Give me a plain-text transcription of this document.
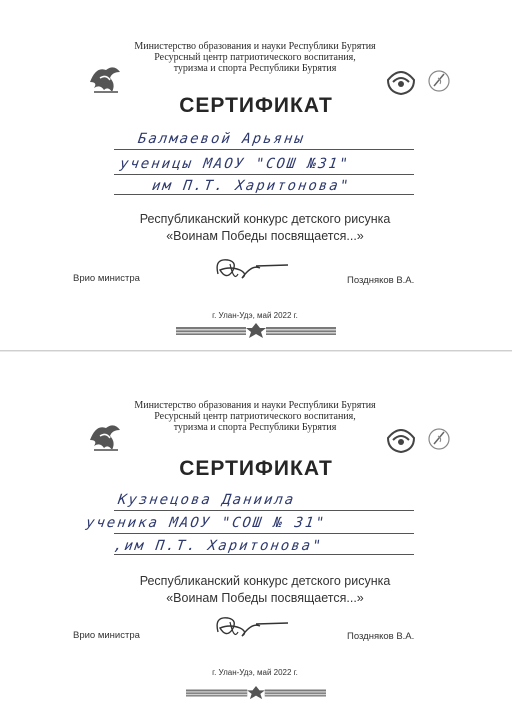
Министерство образования и науки Республики Бурятия
Ресурсный центр патриотического воспитания,
туризма и спорта Республики Бурятия
СЕРТИФИКАТ
Балмаевой Арьяны
ученицы МАОУ "СОШ №31"
им П.Т. Харитонова"
Республиканский конкурс детского рисунка
«Воинам Победы посвящается...»
Врио министра	Поздняков В.А.
г. Улан-Удэ, май 2022 г.
Министерство образования и науки Республики Бурятия
Ресурсный центр патриотического воспитания,
туризма и спорта Республики Бурятия
СЕРТИФИКАТ
Кузнецова Даниила
ученика МАОУ "СОШ № 31"
,им П.Т. Харитонова"
Республиканский конкурс детского рисунка
«Воинам Победы посвящается...»
Врио министра	Поздняков В.А.
г. Улан-Удэ, май 2022 г.
